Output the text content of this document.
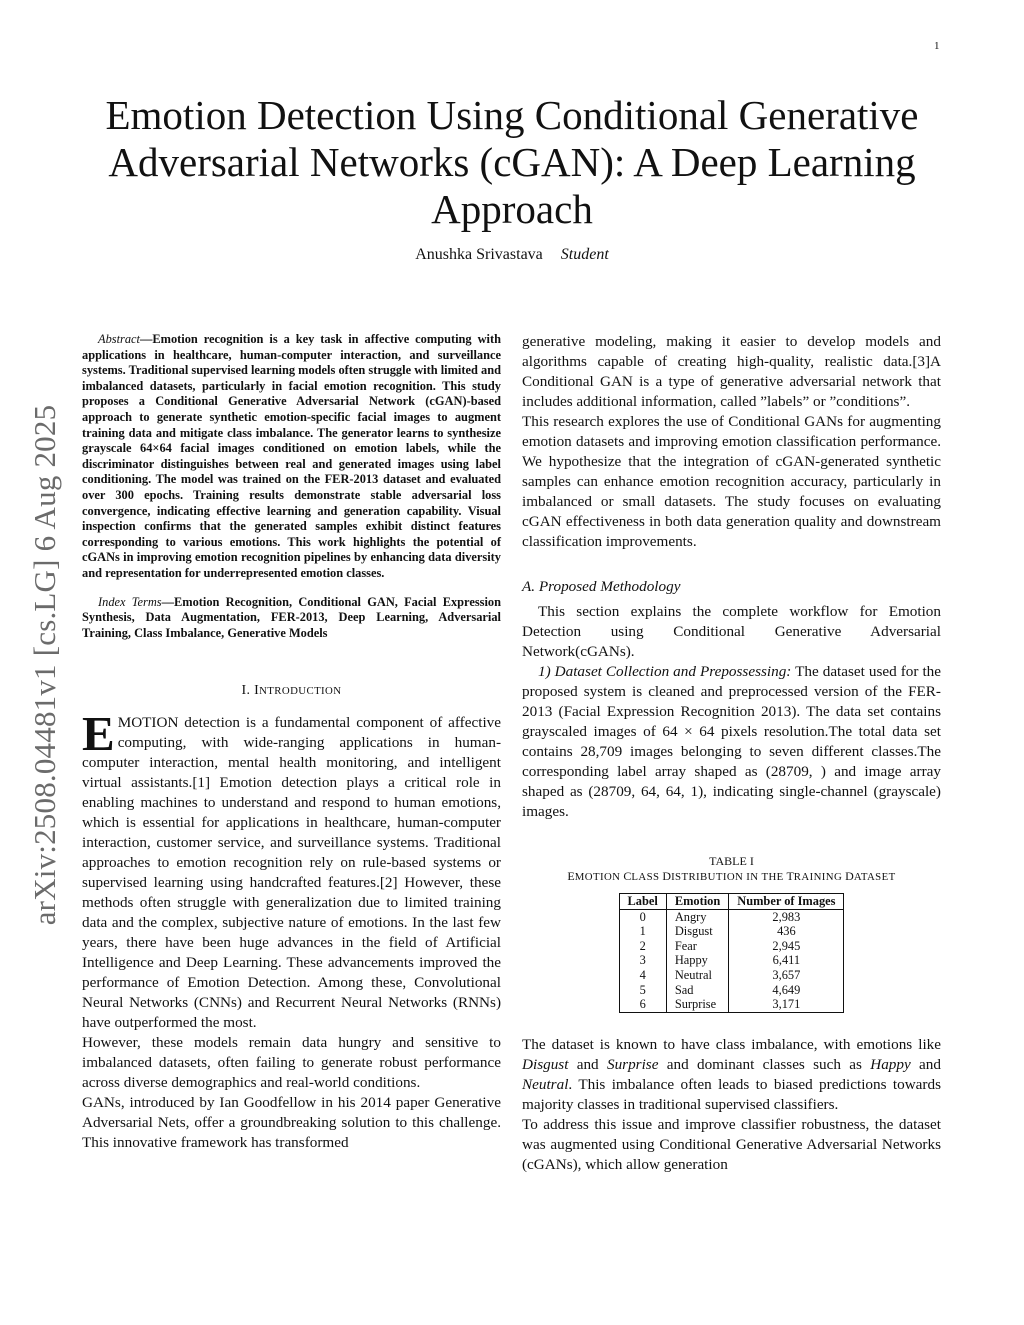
1
arXiv:2508.04481v1 [cs.LG] 6 Aug 2025
Emotion Detection Using Conditional Generative Adversarial Networks (cGAN): A Deep Learning Approach
Anushka Srivastava Student

Abstract—Emotion recognition is a key task in affective computing with applications in healthcare, human-computer interaction, and surveillance systems. Traditional supervised learning models often struggle with limited and imbalanced datasets, particularly in facial emotion recognition. This study proposes a Conditional Generative Adversarial Network (cGAN)-based approach to generate synthetic emotion-specific facial images to augment training data and mitigate class imbalance. The generator learns to synthesize grayscale 64×64 facial images conditioned on emotion labels, while the discriminator distinguishes between real and generated images using label conditioning. The model was trained on the FER-2013 dataset and evaluated over 300 epochs. Training results demonstrate stable adversarial loss convergence, indicating effective learning and generation capability. Visual inspection confirms that the generated samples exhibit distinct features corresponding to various emotions. This work highlights the potential of cGANs in improving emotion recognition pipelines by enhancing data diversity and representation for underrepresented emotion classes.

Index Terms—Emotion Recognition, Conditional GAN, Facial Expression Synthesis, Data Augmentation, FER-2013, Deep Learning, Adversarial Training, Class Imbalance, Generative Models

I. INTRODUCTION

EMOTION detection is a fundamental component of affective computing, with wide-ranging applications in human-computer interaction, mental health monitoring, and intelligent virtual assistants.[1] Emotion detection plays a critical role in enabling machines to understand and respond to human emotions, which is essential for applications in healthcare, human-computer interaction, customer service, and surveillance systems. Traditional approaches to emotion recognition rely on rule-based systems or supervised learning using handcrafted features.[2] However, these methods often struggle with generalization due to limited training data and the complex, subjective nature of emotions. In the last few years, there have been huge advances in the field of Artificial Intelligence and Deep Learning. These advancements improved the performance of Emotion Detection. Among these, Convolutional Neural Networks (CNNs) and Recurrent Neural Networks (RNNs) have outperformed the most.

However, these models remain data hungry and sensitive to imbalanced datasets, often failing to generate robust performance across diverse demographics and real-world conditions.

GANs, introduced by Ian Goodfellow in his 2014 paper Generative Adversarial Nets, offer a groundbreaking solution to this challenge. This innovative framework has transformed

generative modeling, making it easier to develop models and algorithms capable of creating high-quality, realistic data.[3]A Conditional GAN is a type of generative adversarial network that includes additional information, called ”labels” or ”conditions”.

This research explores the use of Conditional GANs for augmenting emotion datasets and improving emotion classification performance. We hypothesize that the integration of cGAN-generated synthetic samples can enhance emotion recognition accuracy, particularly in imbalanced or small datasets. The study focuses on evaluating cGAN effectiveness in both data generation quality and downstream classification improvements.

A. Proposed Methodology

This section explains the complete workflow for Emotion Detection using Conditional Generative Adversarial Network(cGANs).

1) Dataset Collection and Prepossessing: The dataset used for the proposed system is cleaned and preprocessed version of the FER-2013 (Facial Expression Recognition 2013). The data set contains grayscaled images of 64 × 64 pixels resolution.The total data set contains 28,709 images belonging to seven different classes.The corresponding label array shaped as (28709, ) and image array shaped as (28709, 64, 64, 1), indicating single-channel (grayscale) images.

TABLE I
EMOTION CLASS DISTRIBUTION IN THE TRAINING DATASET
Label	Emotion	Number of Images
0	Angry	2,983
1	Disgust	436
2	Fear	2,945
3	Happy	6,411
4	Neutral	3,657
5	Sad	4,649
6	Surprise	3,171

The dataset is known to have class imbalance, with emotions like Disgust and Surprise and dominant classes such as Happy and Neutral. This imbalance often leads to biased predictions towards majority classes in traditional supervised classifiers.

To address this issue and improve classifier robustness, the dataset was augmented using Conditional Generative Adversarial Networks (cGANs), which allow generation
